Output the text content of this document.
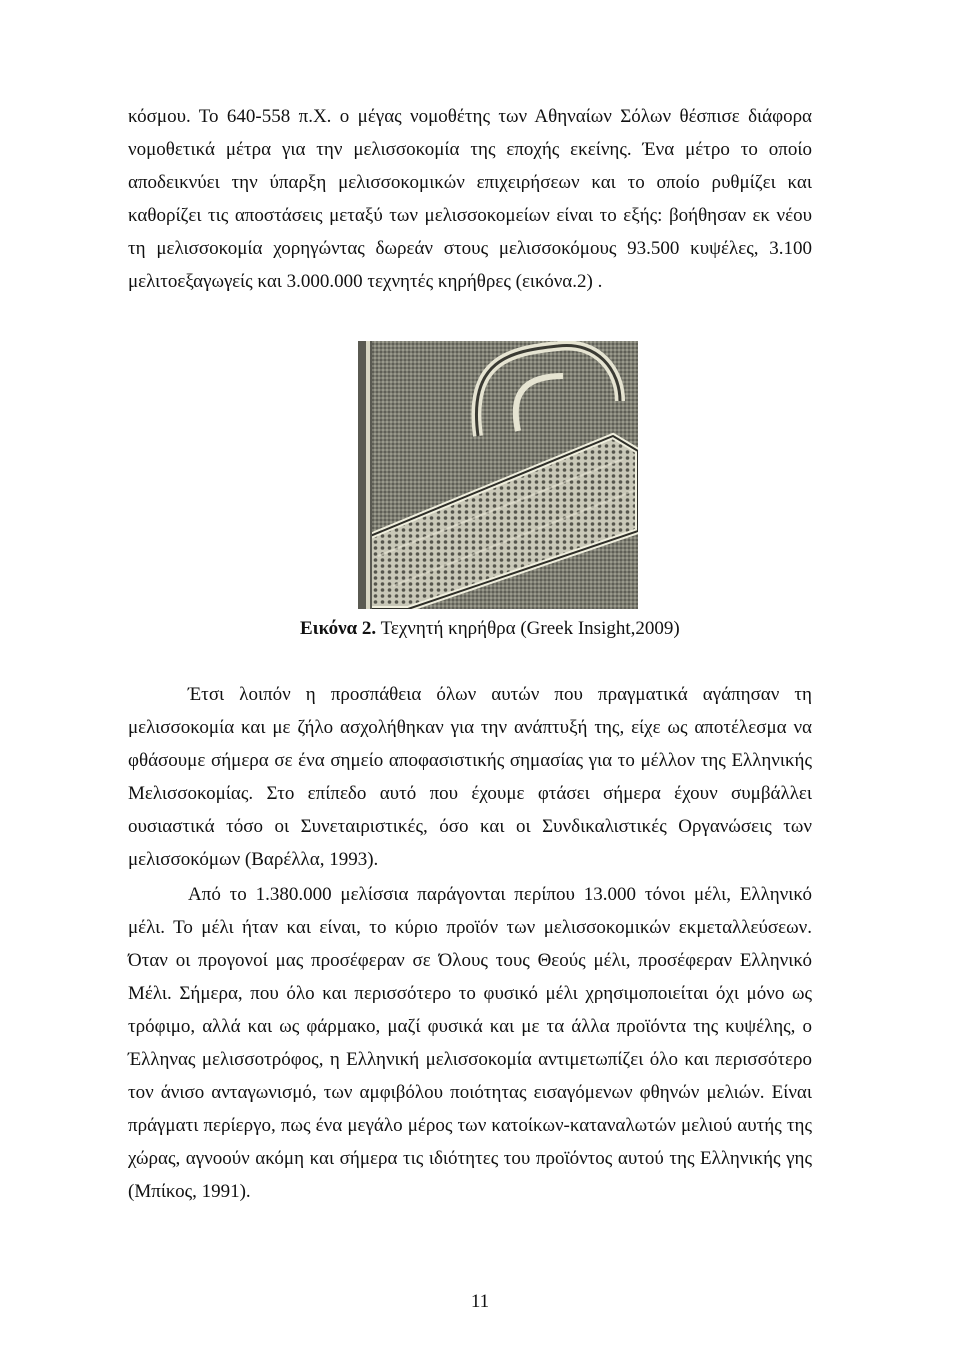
κόσμου. Το 640-558 π.Χ. ο μέγας νομοθέτης των Αθηναίων Σόλων θέσπισε διάφορα νομοθετικά μέτρα για την μελισσοκομία της εποχής εκείνης. Ένα μέτρο το οποίο αποδεικνύει την ύπαρξη μελισσοκομικών επιχειρήσεων και το οποίο ρυθμίζει και καθορίζει τις αποστάσεις μεταξύ των μελισσοκομείων είναι το εξής: βοήθησαν εκ νέου τη μελισσοκομία χορηγώντας δωρεάν στους μελισσοκόμους 93.500 κυψέλες, 3.100 μελιτοεξαγωγείς και 3.000.000 τεχνητές κηρήθρες (εικόνα.2) .

Εικόνα 2. Τεχνητή κηρήθρα (Greek Insight,2009)

Έτσι λοιπόν η προσπάθεια όλων αυτών που πραγματικά αγάπησαν τη μελισσοκομία και με ζήλο ασχολήθηκαν για την ανάπτυξή της, είχε ως αποτέλεσμα να φθάσουμε σήμερα σε ένα σημείο αποφασιστικής σημασίας για το μέλλον της Ελληνικής Μελισσοκομίας. Στο επίπεδο αυτό που έχουμε φτάσει σήμερα έχουν συμβάλλει ουσιαστικά τόσο οι Συνεταιριστικές, όσο και οι Συνδικαλιστικές Οργανώσεις των μελισσοκόμων (Βαρέλλα, 1993).

Από το 1.380.000 μελίσσια παράγονται περίπου 13.000 τόνοι μέλι, Ελληνικό μέλι. Το μέλι ήταν και είναι, το κύριο προϊόν των μελισσοκομικών εκμεταλλεύσεων. Όταν οι προγονοί μας προσέφεραν σε Όλους τους Θεούς μέλι, προσέφεραν Ελληνικό Μέλι. Σήμερα, που όλο και περισσότερο το φυσικό μέλι χρησιμοποιείται όχι μόνο ως τρόφιμο, αλλά και ως φάρμακο, μαζί φυσικά και με τα άλλα προϊόντα της κυψέλης, ο Έλληνας μελισσοτρόφος, η Ελληνική μελισσοκομία αντιμετωπίζει όλο και περισσότερο τον άνισο ανταγωνισμό, των αμφιβόλου ποιότητας εισαγόμενων φθηνών μελιών. Είναι πράγματι περίεργο, πως ένα μεγάλο μέρος των κατοίκων-καταναλωτών μελιού αυτής της χώρας, αγνοούν ακόμη και σήμερα τις ιδιότητες του προϊόντος αυτού της Ελληνικής γης (Μπίκος, 1991).

11
